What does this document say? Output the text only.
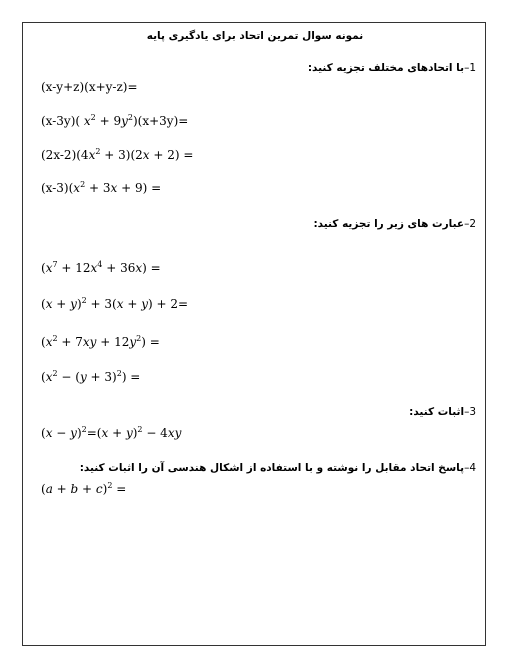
نمونه سوال تمرین اتحاد برای یادگیری پایه
1–با اتحادهای مختلف تجزیه کنید:
(x-y+z)(x+y-z)=
(x-3y)( $x^2 + 9y^2)(x+3y)=$
$(2x-2)(4x^2 + 3)(2x + 2)$ =
$(x-3)(x^2 + 3x + 9)$ =
2–عبارت های زیر را تجزیه کنید:
$(x^7 + 12x^4 + 36x)$ =
$(x + y)^2 + 3(x + y) + 2=$
$(x^2 + 7xy + 12y^2)$ =
$(x^2 - (y + 3)^2)$ =
3–اثبات کنید:
$(x - y)^2=(x + y)^2 - 4xy$
4–پاسخ اتحاد مقابل را نوشته و با استفاده از اشکال هندسی آن را اثبات کنید:
$(a + b + c)^2$ =
